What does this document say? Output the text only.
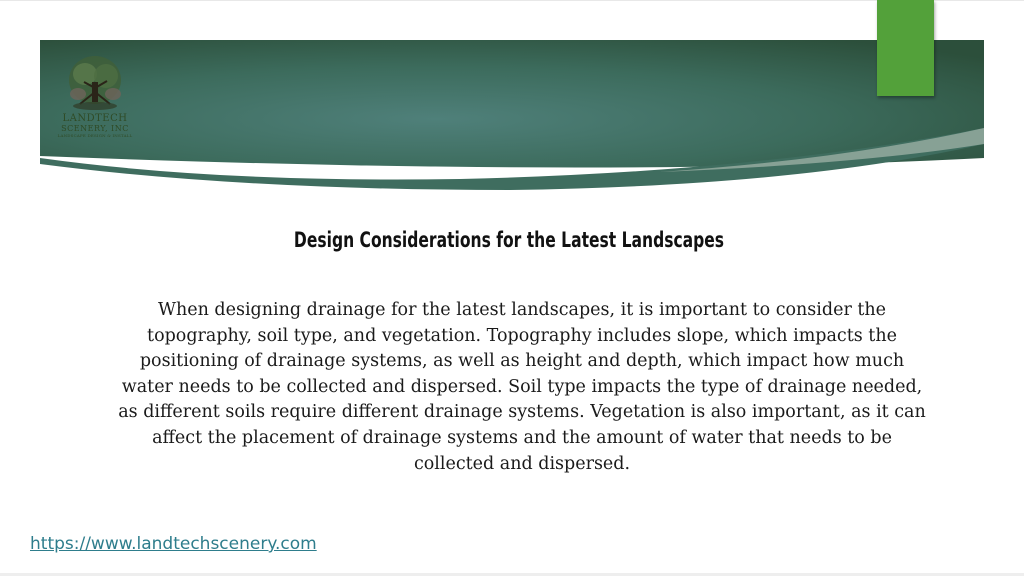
LANDTECH
SCENERY, INC
LANDSCAPE DESIGN & INSTALL
Design Considerations for the Latest Landscapes
When designing drainage for the latest landscapes, it is important to consider the topography, soil type, and vegetation. Topography includes slope, which impacts the positioning of drainage systems, as well as height and depth, which impact how much water needs to be collected and dispersed. Soil type impacts the type of drainage needed, as different soils require different drainage systems. Vegetation is also important, as it can affect the placement of drainage systems and the amount of water that needs to be collected and dispersed.
https://www.landtechscenery.com
